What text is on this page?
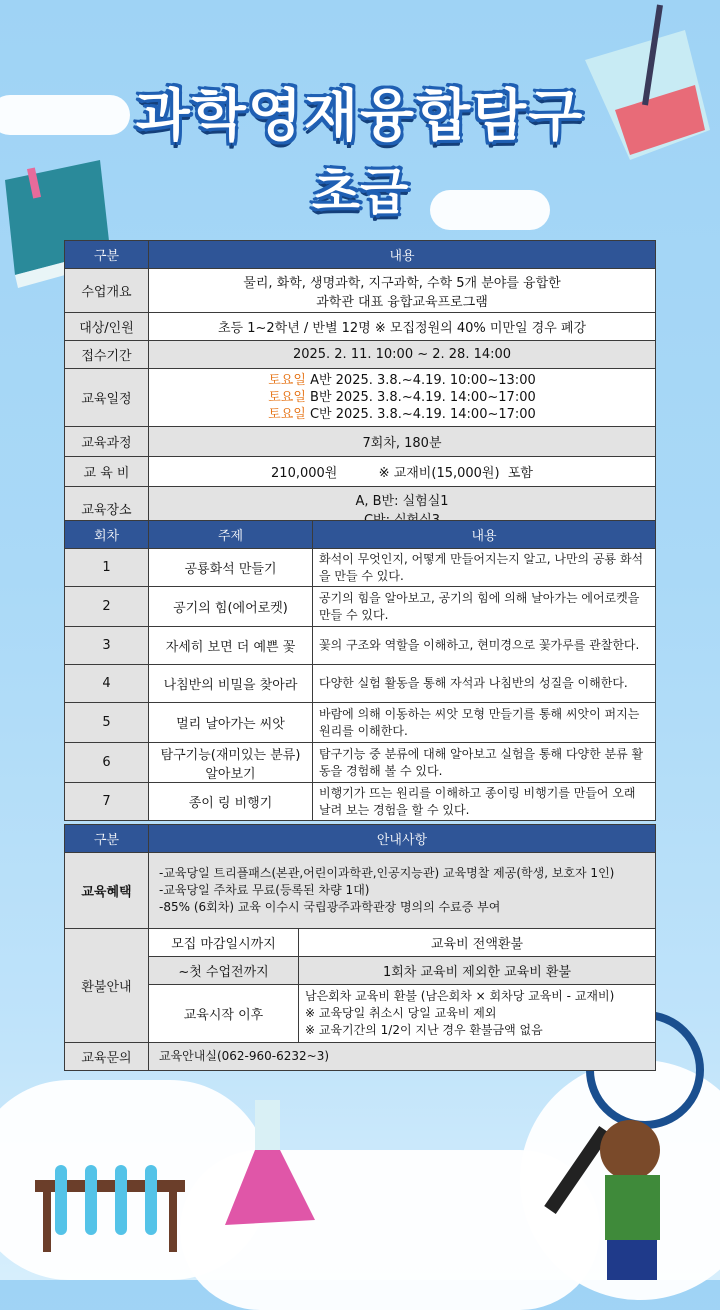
과학영재융합탐구
초급
구분	내용
수업개요	물리, 화학, 생명과학, 지구과학, 수학 5개 분야를 융합한
과학관 대표 융합교육프로그램

대상/인원	초등 1~2학년 / 반별 12명 ※ 모집정원의 40% 미만일 경우 폐강
접수기간	2025. 2. 11. 10:00 ~ 2. 28. 14:00
교육일정	토요일 A반 2025. 3.8.~4.19. 10:00~13:00
토요일 B반 2025. 3.8.~4.19. 14:00~17:00
토요일 C반 2025. 3.8.~4.19. 14:00~17:00

교육과정	7회차, 180분
교 육 비	210,000원          ※ 교재비(15,000원)  포함
교육장소	A, B반: 실험실1
회차	주제	내용
1	공룡화석 만들기	화석이 무엇인지, 어떻게 만들어지는지 알고, 나만의 공룡 화석을 만들 수 있다.
2	공기의 힘(에어로켓)	공기의 힘을 알아보고, 공기의 힘에 의해 날아가는 에어로켓을 만들 수 있다.
3	자세히 보면 더 예쁜 꽃	꽃의 구조와 역할을 이해하고, 현미경으로 꽃가루를 관찰한다.
4	나침반의 비밀을 찾아라	다양한 실험 활동을 통해 자석과 나침반의 성질을 이해한다.
5	멀리 날아가는 씨앗	바람에 의해 이동하는 씨앗 모형 만들기를 통해 씨앗이 퍼지는 원리를 이해한다.
6	탐구기능(재미있는 분류) 알아보기	탐구기능 중 분류에 대해 알아보고 실험을 통해 다양한 분류 활동을 경험해 볼 수 있다.
7	종이 링 비행기	비행기가 뜨는 원리를 이해하고 종이링 비행기를 만들어 오래 날려 보는 경험을 할 수 있다.
구분	안내사항	
교육혜택	-교육당일 트리플패스(본관,어린이과학관,인공지능관) 교육명찰 제공(학생, 보호자 1인)
-교육당일 주차료 무료(등록된 차량 1대)
-85% (6회차) 교육 이수시 국립광주과학관장 명의의 수료증 부여	

환불안내	모집 마감일시까지	교육비 전액환불
	~첫 수업전까지	1회차 교육비 제외한 교육비 환불
	교육시작 이후	남은회차 교육비 환불 (남은회차 × 회차당 교육비 - 교재비)
※ 교육당일 취소시 당일 교육비 제외
※ 교육기간의 1/2이 지난 경우 환불금액 없음

교육문의	교육안내실(062-960-6232~3)	
